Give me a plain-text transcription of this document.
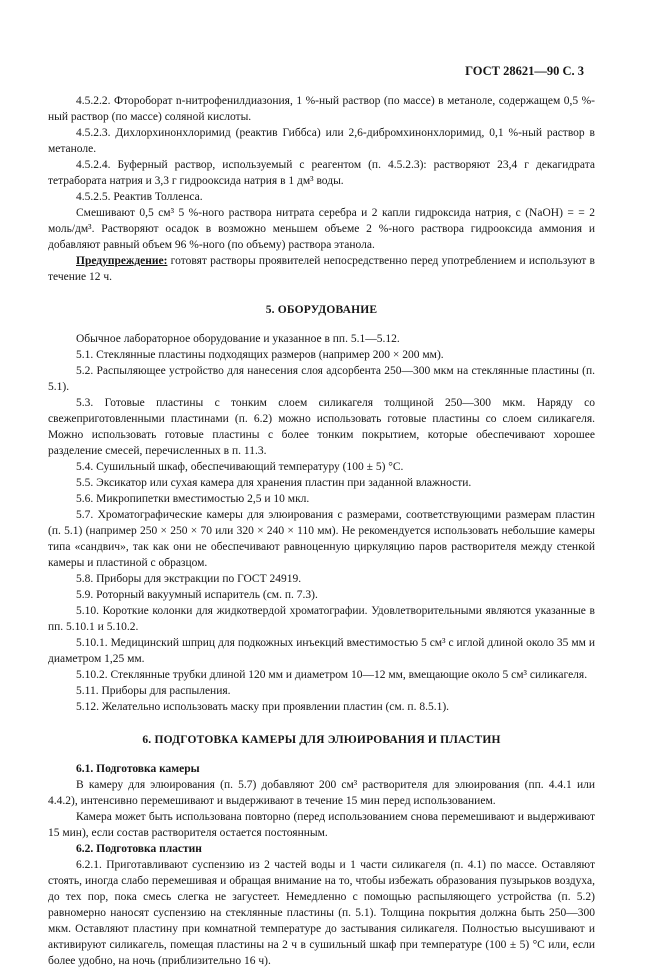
ГОСТ 28621—90 С. 3
4.5.2.2. Фтороборат n-нитрофенилдиазония, 1 %-ный раствор (по массе) в метаноле, содержащем 0,5 %-ный раствор (по массе) соляной кислоты.
4.5.2.3. Дихлорхинонхлоримид (реактив Гиббса) или 2,6-дибромхинонхлоримид, 0,1 %-ный раствор в метаноле.
4.5.2.4. Буферный раствор, используемый с реагентом (п. 4.5.2.3): растворяют 23,4 г декагидрата тетрабората натрия и 3,3 г гидрооксида натрия в 1 дм³ воды.
4.5.2.5. Реактив Толленса.
Смешивают 0,5 см³ 5 %-ного раствора нитрата серебра и 2 капли гидроксида натрия, c (NaOH) = = 2 моль/дм³. Растворяют осадок в возможно меньшем объеме 2 %-ного раствора гидрооксида аммония и добавляют равный объем 96 %-ного (по объему) раствора этанола.
Предупреждение: готовят растворы проявителей непосредственно перед употреблением и используют в течение 12 ч.
5. ОБОРУДОВАНИЕ
Обычное лабораторное оборудование и указанное в пп. 5.1—5.12.
5.1. Стеклянные пластины подходящих размеров (например 200 × 200 мм).
5.2. Распыляющее устройство для нанесения слоя адсорбента 250—300 мкм на стеклянные пластины (п. 5.1).
5.3. Готовые пластины с тонким слоем силикагеля толщиной 250—300 мкм. Наряду со свежеприготовленными пластинами (п. 6.2) можно использовать готовые пластины со слоем силикагеля. Можно использовать готовые пластины с более тонким покрытием, которые обеспечивают хорошее разделение смесей, перечисленных в п. 11.3.
5.4. Сушильный шкаф, обеспечивающий температуру (100 ± 5) °С.
5.5. Эксикатор или сухая камера для хранения пластин при заданной влажности.
5.6. Микропипетки вместимостью 2,5 и 10 мкл.
5.7. Хроматографические камеры для элюирования с размерами, соответствующими размерам пластин (п. 5.1) (например 250 × 250 × 70 или 320 × 240 × 110 мм). Не рекомендуется использовать небольшие камеры типа «сандвич», так как они не обеспечивают равноценную циркуляцию паров растворителя между стенкой камеры и пластиной с образцом.
5.8. Приборы для экстракции по ГОСТ 24919.
5.9. Роторный вакуумный испаритель (см. п. 7.3).
5.10. Короткие колонки для жидкотвердой хроматографии. Удовлетворительными являются указанные в пп. 5.10.1 и 5.10.2.
5.10.1. Медицинский шприц для подкожных инъекций вместимостью 5 см³ с иглой длиной около 35 мм и диаметром 1,25 мм.
5.10.2. Стеклянные трубки длиной 120 мм и диаметром 10—12 мм, вмещающие около 5 см³ силикагеля.
5.11. Приборы для распыления.
5.12. Желательно использовать маску при проявлении пластин (см. п. 8.5.1).
6. ПОДГОТОВКА КАМЕРЫ ДЛЯ ЭЛЮИРОВАНИЯ И ПЛАСТИН
6.1. Подготовка камеры
В камеру для элюирования (п. 5.7) добавляют 200 см³ растворителя для элюирования (пп. 4.4.1 или 4.4.2), интенсивно перемешивают и выдерживают в течение 15 мин перед использованием.
Камера может быть использована повторно (перед использованием снова перемешивают и выдерживают 15 мин), если состав растворителя остается постоянным.
6.2. Подготовка пластин
6.2.1. Приготавливают суспензию из 2 частей воды и 1 части силикагеля (п. 4.1) по массе. Оставляют стоять, иногда слабо перемешивая и обращая внимание на то, чтобы избежать образования пузырьков воздуха, до тех пор, пока смесь слегка не загустеет. Немедленно с помощью распыляющего устройства (п. 5.2) равномерно наносят суспензию на стеклянные пластины (п. 5.1). Толщина покрытия должна быть 250—300 мкм. Оставляют пластину при комнатной температуре до застывания силикагеля. Полностью высушивают и активируют силикагель, помещая пластины на 2 ч в сушильный шкаф при температуре (100 ± 5) °С или, если более удобно, на ночь (приблизительно 16 ч).
